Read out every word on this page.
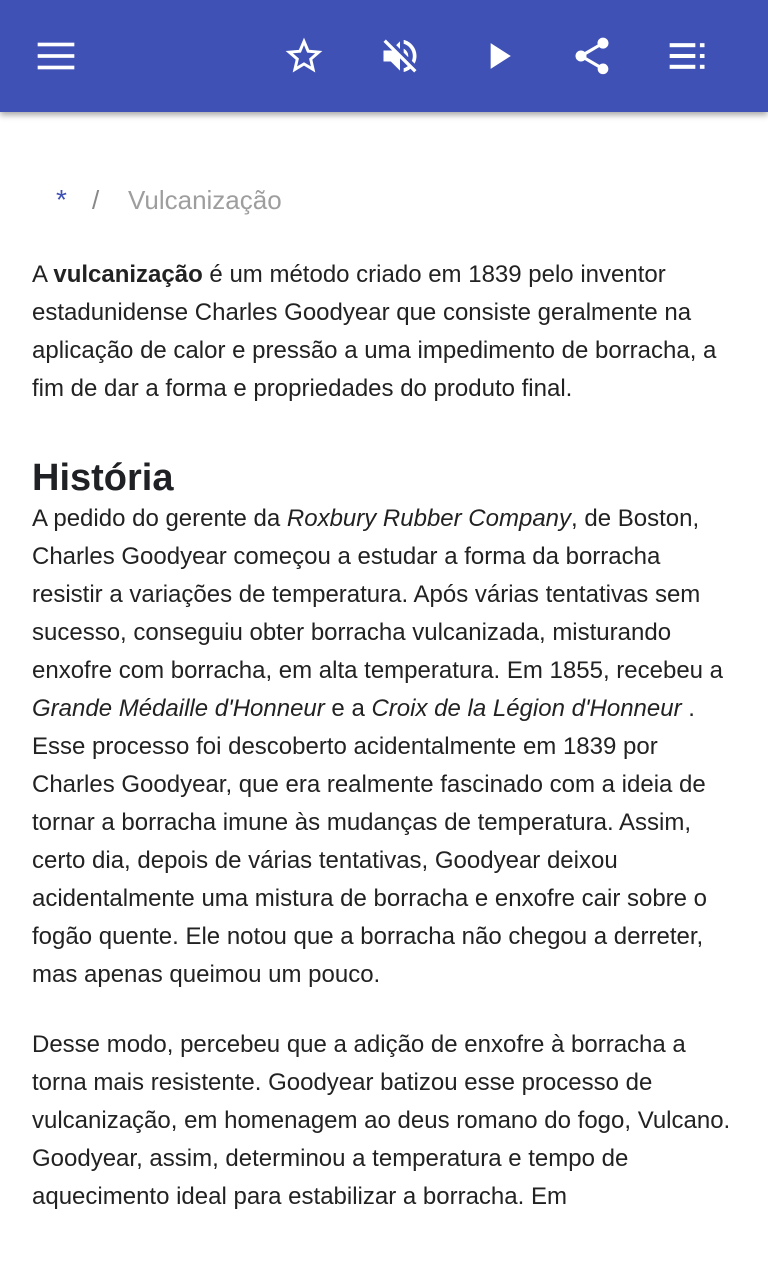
* / Vulcanização

A vulcanização é um método criado em 1839 pelo inventor estadunidense Charles Goodyear que consiste geralmente na aplicação de calor e pressão a uma impedimento de borracha, a fim de dar a forma e propriedades do produto final.

História

A pedido do gerente da Roxbury Rubber Company, de Boston, Charles Goodyear começou a estudar a forma da borracha resistir a variações de temperatura. Após várias tentativas sem sucesso, conseguiu obter borracha vulcanizada, misturando enxofre com borracha, em alta temperatura. Em 1855, recebeu a Grande Médaille d'Honneur e a Croix de la Légion d'Honneur . Esse processo foi descoberto acidentalmente em 1839 por Charles Goodyear, que era realmente fascinado com a ideia de tornar a borracha imune às mudanças de temperatura. Assim, certo dia, depois de várias tentativas, Goodyear deixou acidentalmente uma mistura de borracha e enxofre cair sobre o fogão quente. Ele notou que a borracha não chegou a derreter, mas apenas queimou um pouco.

Desse modo, percebeu que a adição de enxofre à borracha a torna mais resistente. Goodyear batizou esse processo de vulcanização, em homenagem ao deus romano do fogo, Vulcano. Goodyear, assim, determinou a temperatura e tempo de aquecimento ideal para estabilizar a borracha. Em
